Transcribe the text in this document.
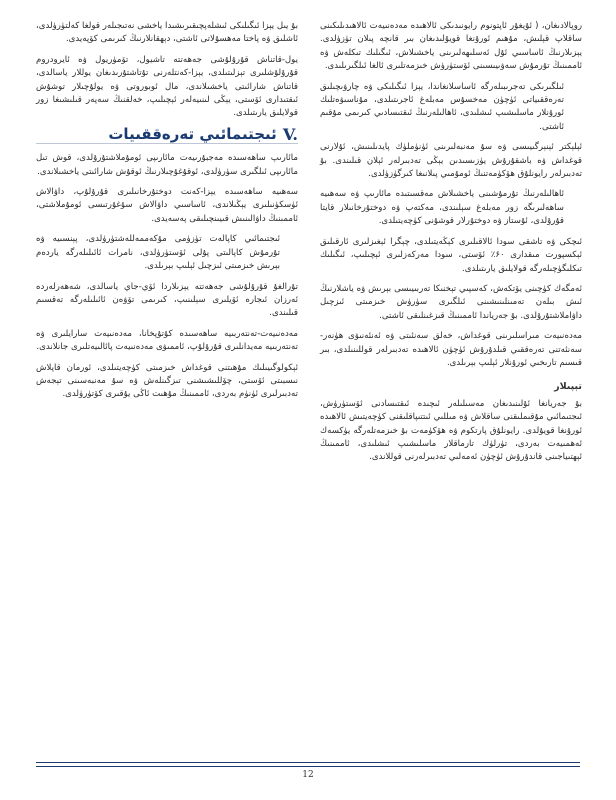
روپالادىغان، ( ئۇيغۇر ئاپتونوم رايونىدىكى ئالاھىدە مەدەنىيەت ئالاھىدىلىكىنى ساقلاپ قېلىش، مۇھىم ئورۇنغا قويۇلىدىغان بىر قانچە پىلان تۈزۈلدى. يېزىلارنىڭ ئاساسىي ئۇل ئەسلىھەلىرىنى ياخشىلاش، ئىگىلىك تىكلەش ۋە ئاممىنىڭ تۇرمۇش سەۋىيىسىنى ئۆستۈرۈش خىزمەتلىرى ئالغا ئىلگىرىلىدى.

ئىلگىرىكى تەجرىبىلەرگە ئاساسلانغاندا، يېزا ئىگىلىكى ۋە چارۋىچىلىق تەرەققىياتى ئۈچۈن مەخسۇس مەبلەغ ئاجرىتىلدى، مۇناسىۋەتلىك ئورۇنلار ماسلىشىپ ئىشلىدى، ئاھالىلەرنىڭ ئىقتىسادىي كىرىمى مۇقىم ئاشتى.

ئېلېكتر ئېنېرگىيىسى ۋە سۇ مەنبەلىرىنى ئۈنۈملۈك پايدىلىنىش، ئۇلارنى قوغداش ۋە باشقۇرۇش يۈزىسىدىن يېڭى تەدبىرلەر ئېلان قىلىندى. بۇ تەدبىرلەر رايونلۇق ھۆكۈمەتنىڭ ئومۇمىي پىلانىغا كىرگۈزۈلدى.

ئاھالىلەرنىڭ تۇرمۇشىنى ياخشىلاش مەقسىتىدە مائارىپ ۋە سەھىيە ساھەلىرىگە زور مەبلەغ سېلىندى، مەكتەپ ۋە دوختۇرخانىلار قايتا قۇرۇلدى، ئۇستاز ۋە دوختۇرلار قوشۇنى كۈچەيتىلدى.

ئىچكى ۋە تاشقى سودا ئالاقىلىرى كېڭەيتىلدى، چېگرا ئېغىزلىرى ئارقىلىق ئېكسپورت مىقدارى ۶۰٪ ئۆستى، سودا مەركەزلىرى ئېچىلىپ، ئىگىلىك تىكلىگۈچىلەرگە قولايلىق يارىتىلدى.

ئەمگەك كۈچىنى يۆتكەش، كەسپىي تېخنىكا تەربىيىسى بېرىش ۋە ياشلارنىڭ ئىش بىلەن تەمىنلىنىشىنى ئىلگىرى سۈرۈش خىزمىتى ئىزچىل داۋاملاشتۇرۇلدى. بۇ جەرياندا ئاممىنىڭ قىزغىنلىقى ئاشتى.

مەدەنىيەت مىراسلىرىنى قوغداش، خەلق سەنئىتى ۋە ئەنئەنىۋى ھۈنەر-سەنئەتنى تەرەققىي قىلدۇرۇش ئۈچۈن ئالاھىدە تەدبىرلەر قوللىنىلدى، بىر قىسىم تارىخىي ئورۇنلار ئېلىپ بېرىلدى.

تېپىلار

بۇ جەريانغا ئۇلىنىدىغان مەسىلىلەر ئىچىدە ئىقتىسادنى ئۆستۈرۈش، ئىجتىمائىي مۇقىملىقنى ساقلاش ۋە مىللىي ئىتتىپاقلىقنى كۈچەيتىش ئالاھىدە ئورۇنغا قويۇلدى. رايونلۇق پارتكوم ۋە ھۆكۈمەت بۇ خىزمەتلەرگە يۈكسەك ئەھمىيەت بەردى، تۈرلۈك تارماقلار ماسلىشىپ ئىشلىدى، ئاممىنىڭ ئېھتىياجىنى قاندۇرۇش ئۈچۈن ئەمەلىي تەدبىرلەرنى قوللاندى.

بۇ يىل يېزا ئىگىلىكى ئىشلەپچىقىرىشىدا ياخشى نەتىجىلەر قولغا كەلتۈرۈلدى، ئاشلىق ۋە پاختا مەھسۇلاتى ئاشتى، دېھقانلارنىڭ كىرىمى كۆپەيدى.

يول-قاتناش قۇرۇلۇشى جەھەتتە تاشيول، تۆمۈريول ۋە ئايرودروم قۇرۇلۇشلىرى تېزلىتىلدى، يېزا-كەنتلەرنى تۇتاشتۇرىدىغان يوللار ياسالدى، قاتناش شارائىتى ياخشىلاندى، مال ئوبوروتى ۋە يولۇچىلار توشۇش ئىقتىدارى ئۆستى، يېڭى لىنىيەلەر ئېچىلىپ، خەلقنىڭ سەپەر قىلىشىغا زور قولايلىق يارىتىلدى.

ئىجتىمائىي تەرەققىيات V.

مائارىپ ساھەسىدە مەجبۇرىيەت مائارىپى ئومۇملاشتۇرۇلدى، قوش تىل مائارىپى ئىلگىرى سۈرۈلدى، ئوقۇغۇچىلارنىڭ ئوقۇش شارائىتى ياخشىلاندى.

سەھىيە ساھەسىدە يېزا-كەنت دوختۇرخانىلىرى قۇرۇلۇپ، داۋالاش ئۈسكۈنىلىرى يېڭىلاندى، ئاساسىي داۋالاش سۇغۇرتىسى ئومۇملاشتى، ئاممىنىڭ داۋالىنىش قىيىنچىلىقى پەسەيدى.

ئىجتىمائىي كاپالەت تۈزۈمى مۇكەممەللەشتۈرۈلدى، پېنسىيە ۋە تۇرمۇش كاپالىتى پۇلى ئۆستۈرۈلدى، نامرات ئائىلىلەرگە ياردەم بېرىش خىزمىتى ئىزچىل ئېلىپ بېرىلدى.

تۇرالغۇ قۇرۇلۇشى جەھەتتە يېزىلاردا ئۆي-جاي ياسالدى، شەھەرلەردە ئەرزان ئىجارە ئۆيلىرى سېلىنىپ، كىرىمى تۆۋەن ئائىلىلەرگە تەقسىم قىلىندى.

مەدەنىيەت-تەنتەربىيە ساھەسىدە كۇتۇپخانا، مەدەنىيەت سارايلىرى ۋە تەنتەربىيە مەيدانلىرى قۇرۇلۇپ، ئاممىۋى مەدەنىيەت پائالىيەتلىرى جانلاندى.

ئېكولوگىيىلىك مۇھىتنى قوغداش خىزمىتى كۈچەيتىلدى، ئورمان قاپلاش نىسبىتى ئۆستى، چۆللىشىشنى تىزگىنلەش ۋە سۇ مەنبەسىنى تېجەش تەدبىرلىرى ئۈنۈم بەردى، ئاممىنىڭ مۇھىت ئاڭى يۇقىرى كۆتۈرۈلدى.

12
